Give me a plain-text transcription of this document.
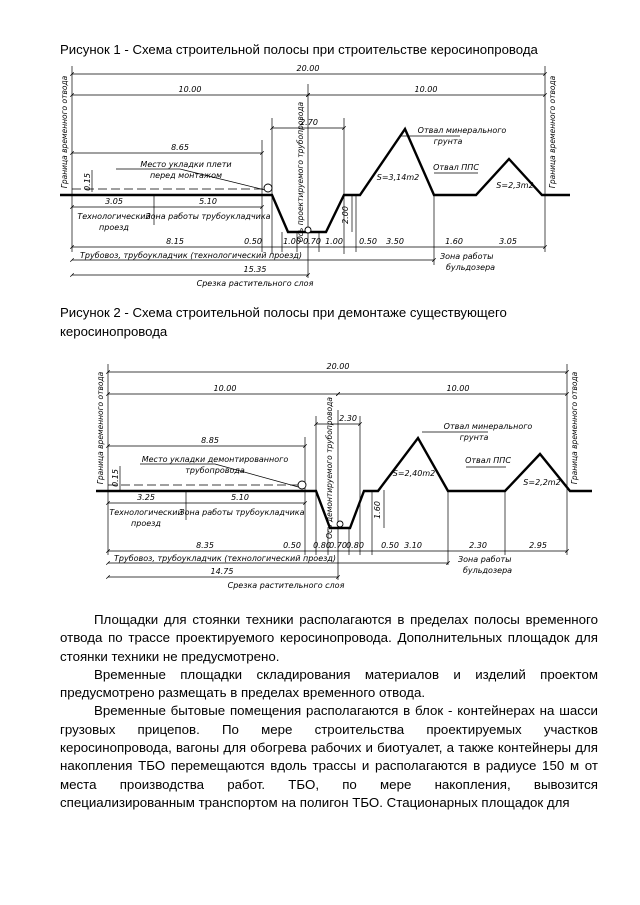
Рисунок 1 - Схема строительной полосы при строительстве керосинопровода
20.00
10.00	10.00
2.70
8.65
0.15
3.05	5.10
2.00
8.15	0.50	1.00 0.70 1.00 0.50 3.50	1.60	3.05
15.35
Граница временного отвода	Граница временного отвода
Ось проектируемого трубопровода
Место укладки плети
перед монтажом
Отвал минерального
грунта
Отвал ППС
S=3,14m2
S=2,3m2
Технологический
проезд
Зона работы трубоукладчика
Трубовоз, трубоукладчик (технологический проезд)	Зона работы
бульдозера
Срезка растительного слоя
Рисунок 2 - Схема строительной полосы при демонтаже существующего керосинопровода
20.00
10.00	10.00
2.30
8.85
0.15
3.25	5.10
1.60
8.35	0.50 0.80
0.70 0.80 0.50 3.10	2.30	2.95
14.75
Граница временного отвода	Граница временного отвода
Ось демонтируемого трубопровода
Место укладки демонтированного
трубопровода
Отвал минерального
грунта
Отвал ППС
S=2,40m2
S=2,2m2
Технологический
проезд
Зона работы трубоукладчика
Трубовоз, трубоукладчик (технологический проезд)	Зона работы
бульдозера
Срезка растительного слоя

Площадки для стоянки техники располагаются в пределах полосы временного отвода по трассе проектируемого керосинопровода. Дополнительных площадок для стоянки техники не предусмотрено.

Временные площадки складирования материалов и изделий проектом предусмотрено размещать в пределах временного отвода.

Временные бытовые помещения располагаются в блок - контейнерах на шасси грузовых прицепов. По мере строительства проектируемых участков керосинопровода, вагоны для обогрева рабочих и биотуалет, а также контейнеры для накопления ТБО перемещаются вдоль трассы и располагаются в радиусе 150 м от места производства работ. ТБО, по мере накопления, вывозится специализированным транспортом на полигон ТБО. Стационарных площадок для
